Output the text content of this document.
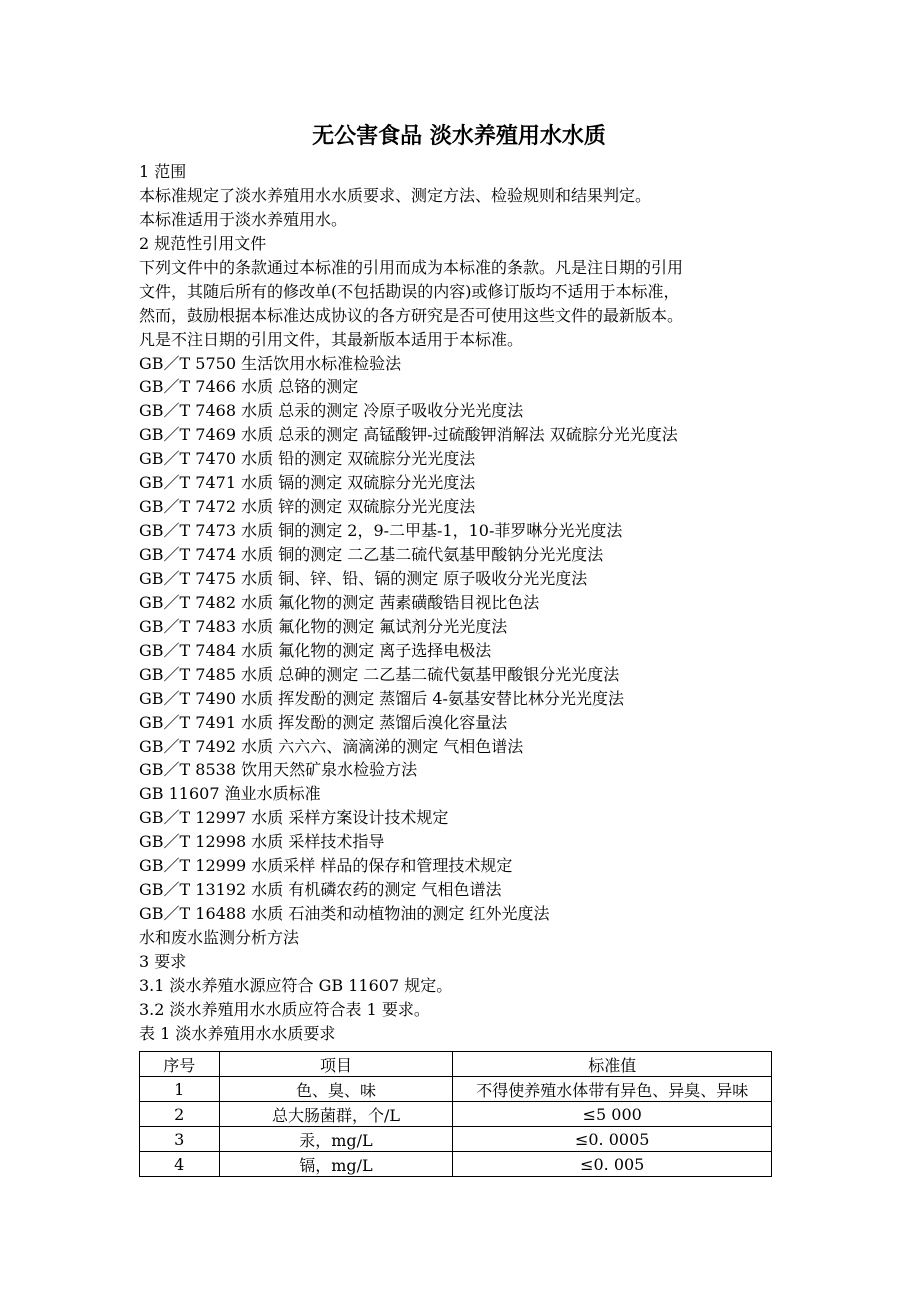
无公害食品 淡水养殖用水水质
1 范围
本标准规定了淡水养殖用水水质要求、测定方法、检验规则和结果判定。
本标准适用于淡水养殖用水。
2 规范性引用文件
下列文件中的条款通过本标准的引用而成为本标准的条款。凡是注日期的引用
文件，其随后所有的修改单(不包括勘误的内容)或修订版均不适用于本标准，
然而，鼓励根据本标准达成协议的各方研究是否可使用这些文件的最新版本。
凡是不注日期的引用文件，其最新版本适用于本标准。
GB／T 5750 生活饮用水标准检验法
GB／T 7466 水质 总铬的测定
GB／T 7468 水质 总汞的测定 冷原子吸收分光光度法
GB／T 7469 水质 总汞的测定 高锰酸钾-过硫酸钾消解法 双硫腙分光光度法
GB／T 7470 水质 铅的测定 双硫腙分光光度法
GB／T 7471 水质 镉的测定 双硫腙分光光度法
GB／T 7472 水质 锌的测定 双硫腙分光光度法
GB／T 7473 水质 铜的测定 2，9-二甲基-1，10-菲罗啉分光光度法
GB／T 7474 水质 铜的测定 二乙基二硫代氨基甲酸钠分光光度法
GB／T 7475 水质 铜、锌、铅、镉的测定 原子吸收分光光度法
GB／T 7482 水质 氟化物的测定 茜素磺酸锆目视比色法
GB／T 7483 水质 氟化物的测定 氟试剂分光光度法
GB／T 7484 水质 氟化物的测定 离子选择电极法
GB／T 7485 水质 总砷的测定 二乙基二硫代氨基甲酸银分光光度法
GB／T 7490 水质 挥发酚的测定 蒸馏后 4-氨基安替比林分光光度法
GB／T 7491 水质 挥发酚的测定 蒸馏后溴化容量法
GB／T 7492 水质 六六六、滴滴涕的测定 气相色谱法
GB／T 8538 饮用天然矿泉水检验方法
GB 11607 渔业水质标准
GB／T 12997 水质 采样方案设计技术规定
GB／T 12998 水质 采样技术指导
GB／T 12999 水质采样 样品的保存和管理技术规定
GB／T 13192 水质 有机磷农药的测定 气相色谱法
GB／T 16488 水质 石油类和动植物油的测定 红外光度法
水和废水监测分析方法
3 要求
3.1 淡水养殖水源应符合 GB 11607 规定。
3.2 淡水养殖用水水质应符合表 1 要求。
表 1 淡水养殖用水水质要求
序号	项目	标准值
1	色、臭、味	不得使养殖水体带有异色、异臭、异味
2	总大肠菌群，个/L	≤5 000
3	汞，mg/L	≤0. 0005
4	镉，mg/L	≤0. 005
